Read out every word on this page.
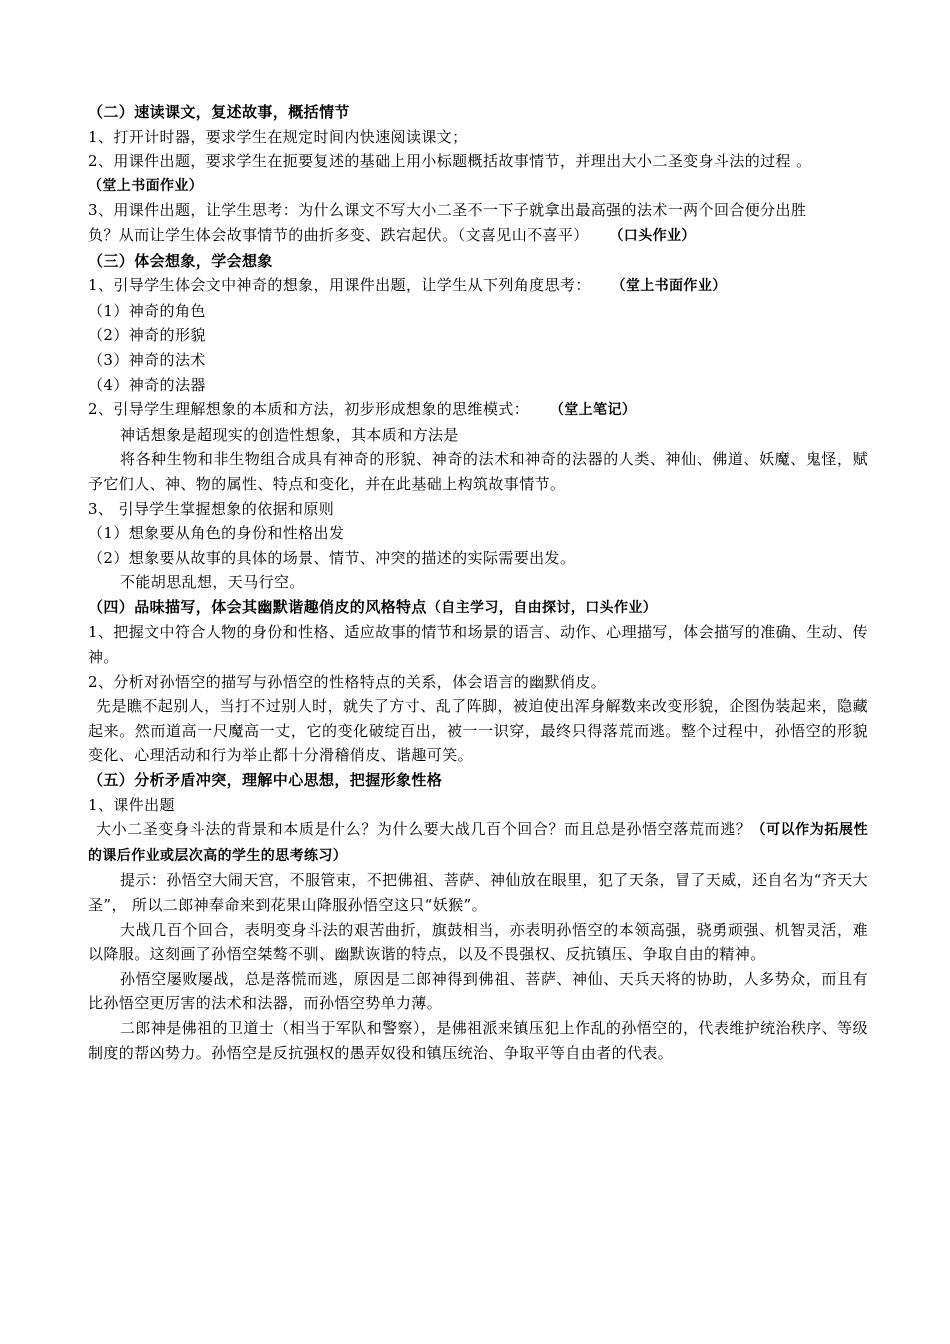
（二）速读课文，复述故事，概括情节
1、打开计时器，要求学生在规定时间内快速阅读课文；
2、用课件出题，要求学生在扼要复述的基础上用小标题概括故事情节，并理出大小二圣变身斗法的过程 。
（堂上书面作业）
3、用课件出题，让学生思考：为什么课文不写大小二圣不一下子就拿出最高强的法术一两个回合便分出胜
负？从而让学生体会故事情节的曲折多变、跌宕起伏。（文喜见山不喜平） （口头作业）
（三）体会想象，学会想象
1、引导学生体会文中神奇的想象，用课件出题，让学生从下列角度思考： （堂上书面作业）
（1）神奇的角色
（2）神奇的形貌
（3）神奇的法术
（4）神奇的法器
2、引导学生理解想象的本质和方法，初步形成想象的思维模式： （堂上笔记）
神话想象是超现实的创造性想象，其本质和方法是
将各种生物和非生物组合成具有神奇的形貌、神奇的法术和神奇的法器的人类、神仙、佛道、妖魔、鬼怪，赋予它们人、神、物的属性、特点和变化，并在此基础上构筑故事情节。
3、 引导学生掌握想象的依据和原则
（1）想象要从角色的身份和性格出发
（2）想象要从故事的具体的场景、情节、冲突的描述的实际需要出发。
不能胡思乱想，天马行空。
（四）品味描写，体会其幽默谐趣俏皮的风格特点（自主学习，自由探讨，口头作业）
1、把握文中符合人物的身份和性格、适应故事的情节和场景的语言、动作、心理描写，体会描写的准确、生动、传神。
2、分析对孙悟空的描写与孙悟空的性格特点的关系，体会语言的幽默俏皮。
先是瞧不起别人，当打不过别人时，就失了方寸、乱了阵脚，被迫使出浑身解数来改变形貌，企图伪装起来，隐藏起来。然而道高一尺魔高一丈，它的变化破绽百出，被一一识穿，最终只得落荒而逃。整个过程中，孙悟空的形貌变化、心理活动和行为举止都十分滑稽俏皮、谐趣可笑。
（五）分析矛盾冲突，理解中心思想，把握形象性格
1、课件出题
大小二圣变身斗法的背景和本质是什么？为什么要大战几百个回合？而且总是孙悟空落荒而逃？（可以作为拓展性的课后作业或层次高的学生的思考练习）
提示：孙悟空大闹天宫，不服管束，不把佛祖、菩萨、神仙放在眼里，犯了天条，冒了天威，还自名为“齐天大圣”， 所以二郎神奉命来到花果山降服孙悟空这只“妖猴”。
大战几百个回合，表明变身斗法的艰苦曲折，旗鼓相当，亦表明孙悟空的本领高强，骁勇顽强、机智灵活，难以降服。这刻画了孙悟空桀骜不驯、幽默诙谐的特点，以及不畏强权、反抗镇压、争取自由的精神。
孙悟空屡败屡战，总是落慌而逃，原因是二郎神得到佛祖、菩萨、神仙、天兵天将的协助，人多势众，而且有比孙悟空更厉害的法术和法器，而孙悟空势单力薄。
二郎神是佛祖的卫道士（相当于军队和警察），是佛祖派来镇压犯上作乱的孙悟空的，代表维护统治秩序、等级制度的帮凶势力。孙悟空是反抗强权的愚弄奴役和镇压统治、争取平等自由者的代表。
